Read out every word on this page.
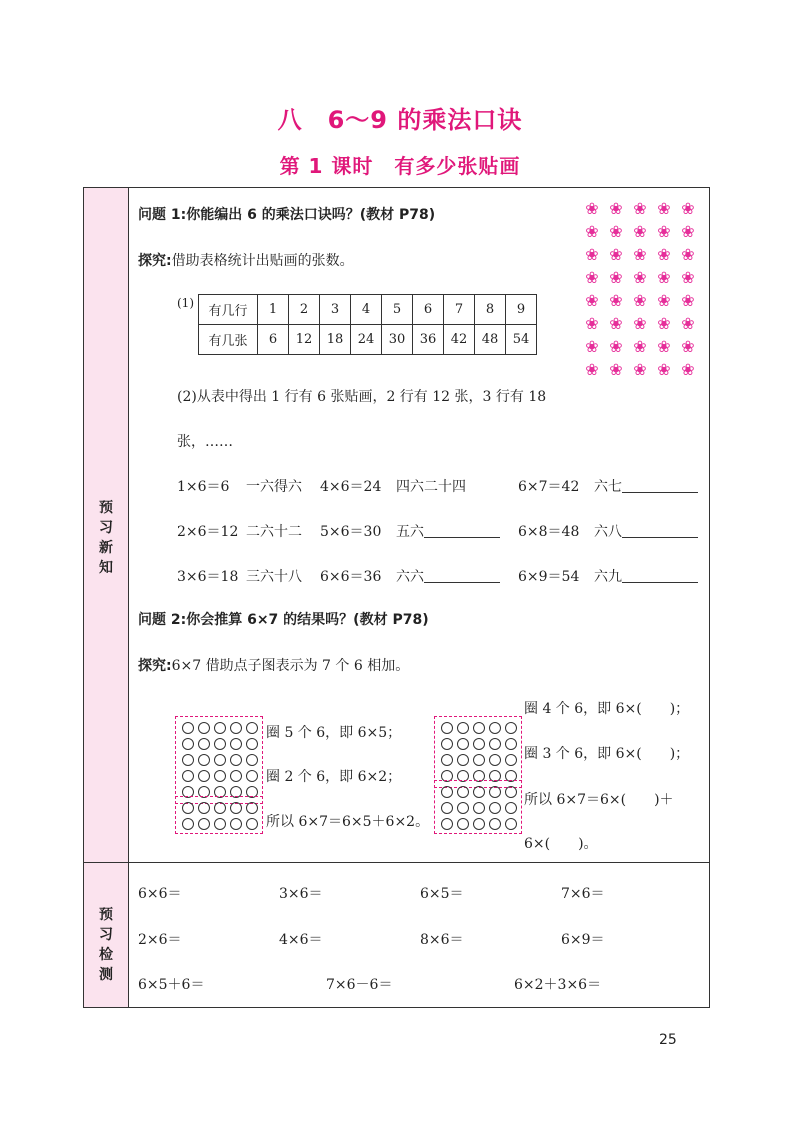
八　6～9 的乘法口诀
第 1 课时　有多少张贴画
预
习
新
知
预
习
检
测
问题 1:你能编出 6 的乘法口诀吗？(教材 P78)
探究:借助表格统计出贴画的张数。
❀ ❀ ❀ ❀ ❀
❀ ❀ ❀ ❀ ❀
❀ ❀ ❀ ❀ ❀
❀ ❀ ❀ ❀ ❀
❀ ❀ ❀ ❀ ❀
❀ ❀ ❀ ❀ ❀
❀ ❀ ❀ ❀ ❀
❀ ❀ ❀ ❀ ❀
(1)
有几行	1	2	3	4	5	6	7	8	9
有几张	6	12	18	24	30	36	42	48	54
(2)从表中得出 1 行有 6 张贴画，2 行有 12 张，3 行有 18
张，……
1×6＝6 一六得六 4×6＝24 四六二十四	6×7＝42 六七
2×6＝12 二六十二 5×6＝30 五六	6×8＝48 六八
3×6＝18 三六十八 6×6＝36 六六	6×9＝54 六九
问题 2:你会推算 6×7 的结果吗？(教材 P78)
探究:6×7 借助点子图表示为 7 个 6 相加。
圈 5 个 6，即 6×5；
圈 2 个 6，即 6×2；
所以 6×7＝6×5＋6×2。
圈 4 个 6，即 6×(　　)；
圈 3 个 6，即 6×(　　)；
所以 6×7＝6×(　　)＋
6×(　　)。
6×6＝	3×6＝	6×5＝	7×6＝
2×6＝	4×6＝	8×6＝	6×9＝
6×5＋6＝	7×6－6＝	6×2＋3×6＝
25
